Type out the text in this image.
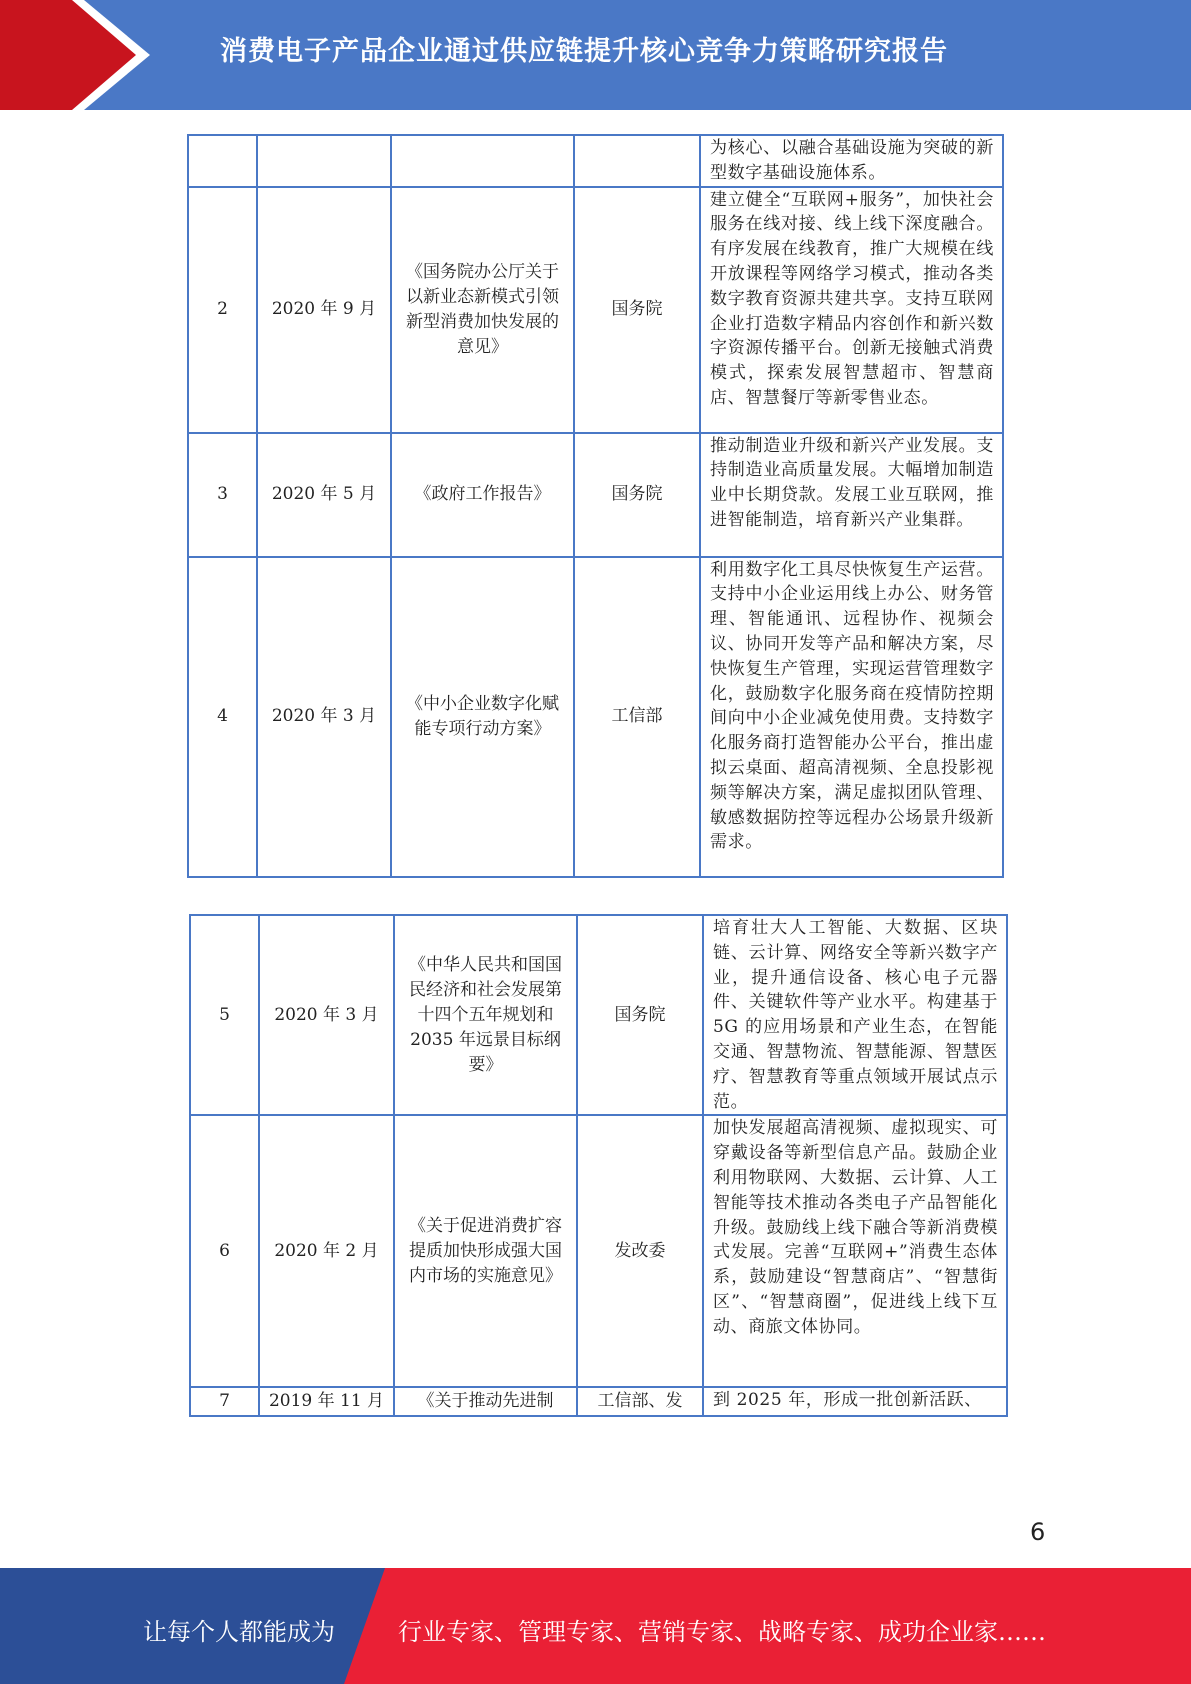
消费电子产品企业通过供应链提升核心竞争力策略研究报告
				为核心、以融合基础设施为突破的新型数字基础设施体系。
2	2020 年 9 月	《国务院办公厅关于以新业态新模式引领新型消费加快发展的意见》	国务院	建立健全“互联网+服务”，加快社会服务在线对接、线上线下深度融合。有序发展在线教育，推广大规模在线开放课程等网络学习模式，推动各类数字教育资源共建共享。支持互联网企业打造数字精品内容创作和新兴数字资源传播平台。创新无接触式消费模式，探索发展智慧超市、智慧商店、智慧餐厅等新零售业态。
3	2020 年 5 月	《政府工作报告》	国务院	推动制造业升级和新兴产业发展。支持制造业高质量发展。大幅增加制造业中长期贷款。发展工业互联网，推进智能制造，培育新兴产业集群。
4	2020 年 3 月	《中小企业数字化赋能专项行动方案》	工信部	利用数字化工具尽快恢复生产运营。支持中小企业运用线上办公、财务管理、智能通讯、远程协作、视频会议、协同开发等产品和解决方案，尽快恢复生产管理，实现运营管理数字化，鼓励数字化服务商在疫情防控期间向中小企业减免使用费。支持数字化服务商打造智能办公平台，推出虚拟云桌面、超高清视频、全息投影视频等解决方案，满足虚拟团队管理、敏感数据防控等远程办公场景升级新需求。
5	2020 年 3 月	《中华人民共和国国民经济和社会发展第十四个五年规划和 2035 年远景目标纲要》	国务院	培育壮大人工智能、大数据、区块链、云计算、网络安全等新兴数字产业，提升通信设备、核心电子元器件、关键软件等产业水平。构建基于 5G 的应用场景和产业生态，在智能交通、智慧物流、智慧能源、智慧医疗、智慧教育等重点领域开展试点示范。
6	2020 年 2 月	《关于促进消费扩容提质加快形成强大国内市场的实施意见》	发改委	加快发展超高清视频、虚拟现实、可穿戴设备等新型信息产品。鼓励企业利用物联网、大数据、云计算、人工智能等技术推动各类电子产品智能化升级。鼓励线上线下融合等新消费模式发展。完善“互联网+”消费生态体系，鼓励建设“智慧商店”、“智慧街区”、“智慧商圈”，促进线上线下互动、商旅文体协同。
7	2019 年 11 月	《关于推动先进制	工信部、发	到 2025 年，形成一批创新活跃、
6
让每个人都能成为	行业专家、管理专家、营销专家、战略专家、成功企业家……
